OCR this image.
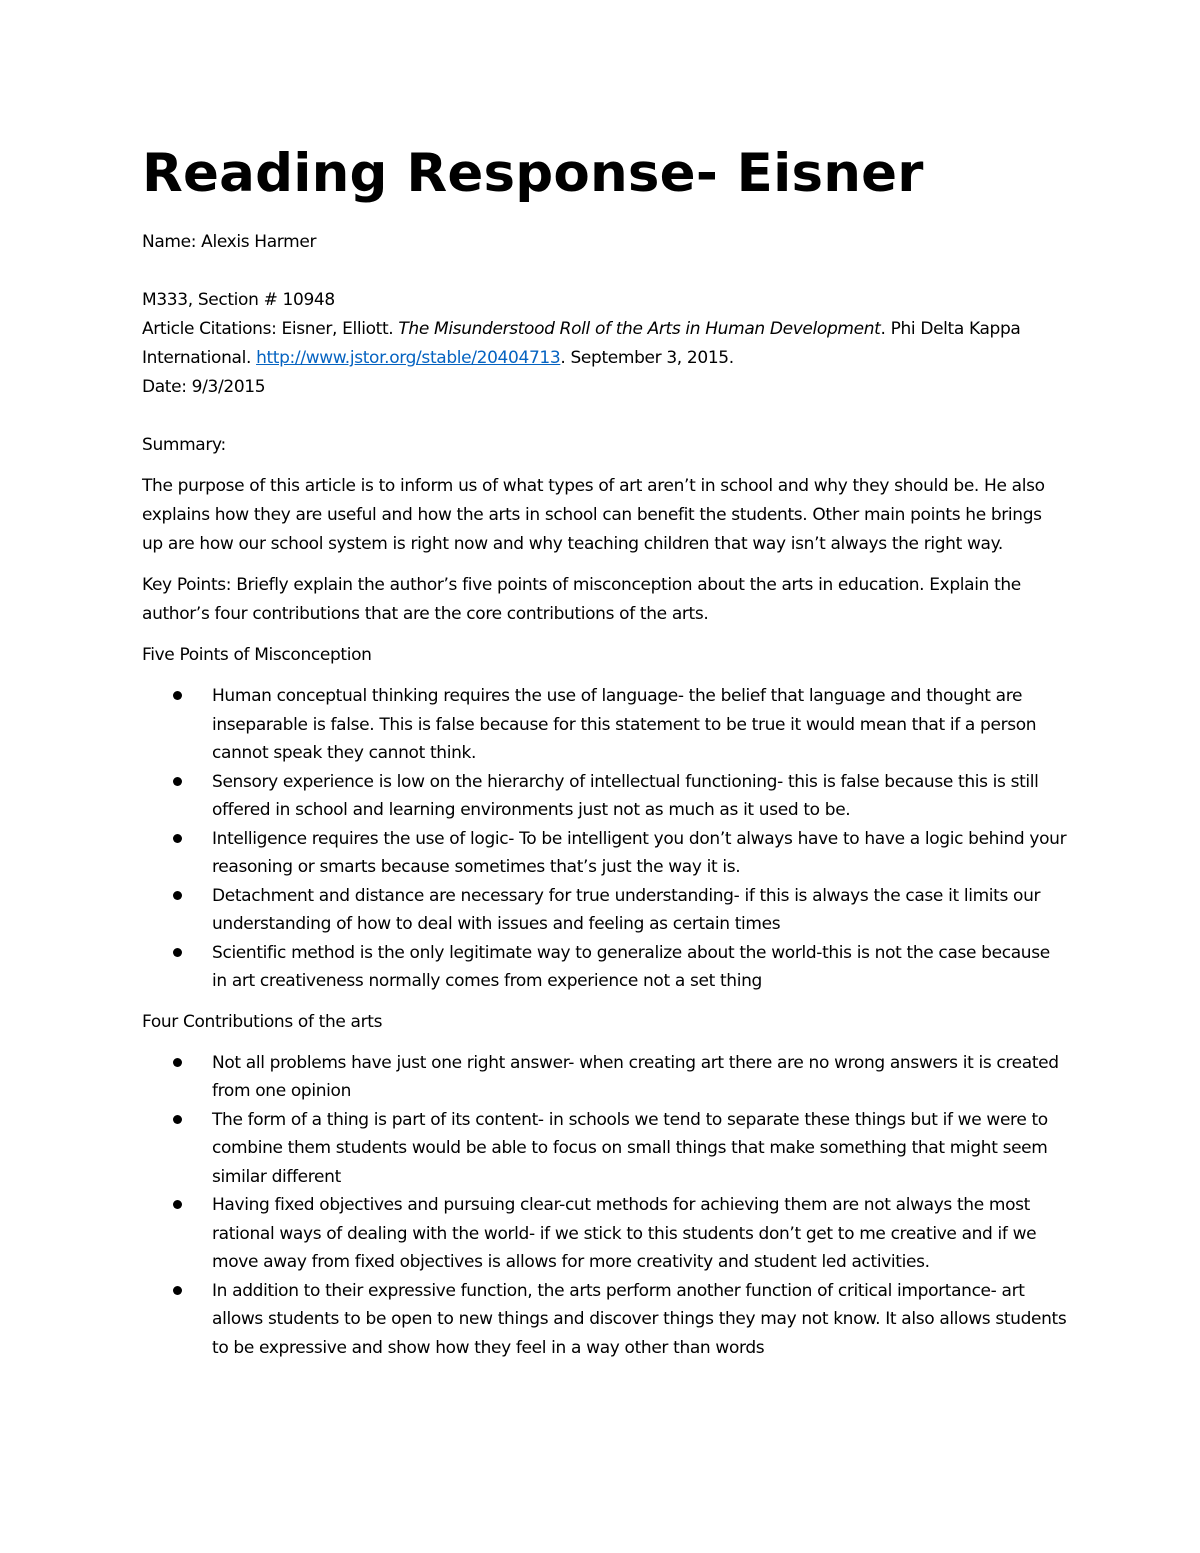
Reading Response- Eisner

Name: Alexis Harmer

M333, Section # 10948

Article Citations: Eisner, Elliott. The Misunderstood Roll of the Arts in Human Development. Phi Delta Kappa International. http://www.jstor.org/stable/20404713. September 3, 2015.

Date: 9/3/2015

Summary:

The purpose of this article is to inform us of what types of art aren’t in school and why they should be. He also explains how they are useful and how the arts in school can benefit the students. Other main points he brings up are how our school system is right now and why teaching children that way isn’t always the right way.

Key Points: Briefly explain the author’s five points of misconception about the arts in education. Explain the author’s four contributions that are the core contributions of the arts.

Five Points of Misconception

Human conceptual thinking requires the use of language- the belief that language and thought are inseparable is false. This is false because for this statement to be true it would mean that if a person cannot speak they cannot think.
Sensory experience is low on the hierarchy of intellectual functioning- this is false because this is still offered in school and learning environments just not as much as it used to be.
Intelligence requires the use of logic- To be intelligent you don’t always have to have a logic behind your reasoning or smarts because sometimes that’s just the way it is.
Detachment and distance are necessary for true understanding- if this is always the case it limits our understanding of how to deal with issues and feeling as certain times
Scientific method is the only legitimate way to generalize about the world-this is not the case because in art creativeness normally comes from experience not a set thing

Four Contributions of the arts

Not all problems have just one right answer- when creating art there are no wrong answers it is created from one opinion
The form of a thing is part of its content- in schools we tend to separate these things but if we were to combine them students would be able to focus on small things that make something that might seem similar different
Having fixed objectives and pursuing clear-cut methods for achieving them are not always the most rational ways of dealing with the world- if we stick to this students don’t get to me creative and if we move away from fixed objectives is allows for more creativity and student led activities.
In addition to their expressive function, the arts perform another function of critical importance- art allows students to be open to new things and discover things they may not know. It also allows students to be expressive and show how they feel in a way other than words
